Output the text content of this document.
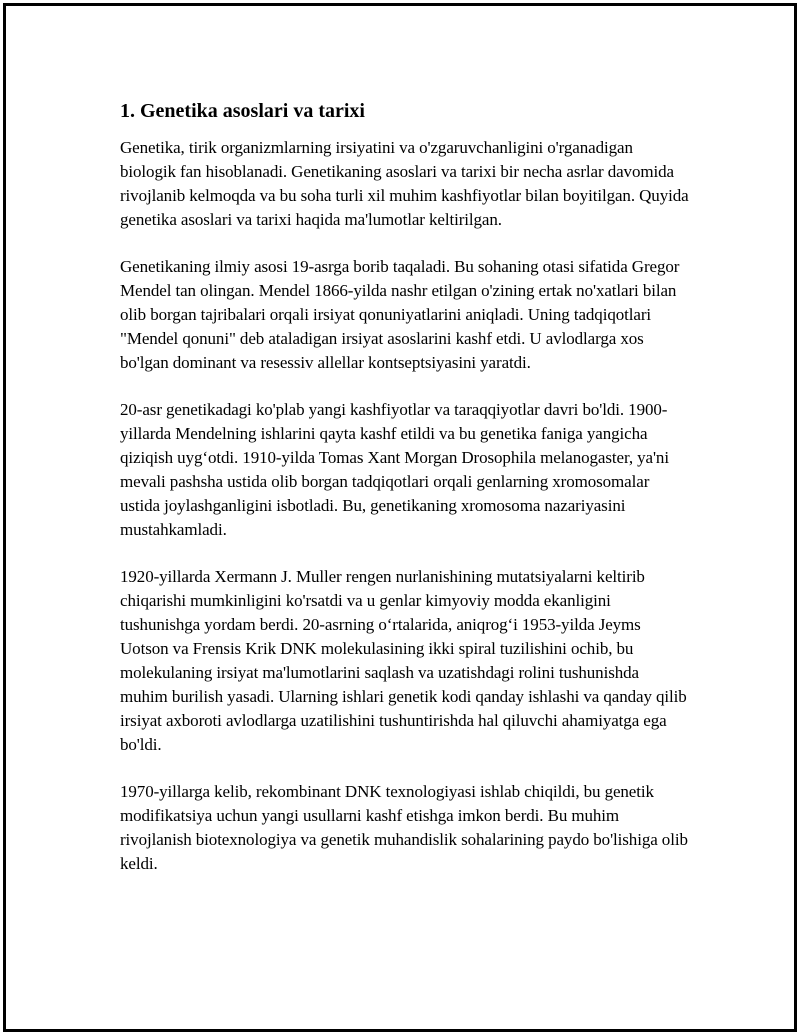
1. Genetika asoslari va tarixi

Genetika, tirik organizmlarning irsiyatini va o'zgaruvchanligini o'rganadigan biologik fan hisoblanadi. Genetikaning asoslari va tarixi bir necha asrlar davomida rivojlanib kelmoqda va bu soha turli xil muhim kashfiyotlar bilan boyitilgan. Quyida genetika asoslari va tarixi haqida ma'lumotlar keltirilgan.

Genetikaning ilmiy asosi 19-asrga borib taqaladi. Bu sohaning otasi sifatida Gregor Mendel tan olingan. Mendel 1866-yilda nashr etilgan o'zining ertak no'xatlari bilan olib borgan tajribalari orqali irsiyat qonuniyatlarini aniqladi. Uning tadqiqotlari "Mendel qonuni" deb ataladigan irsiyat asoslarini kashf etdi. U avlodlarga xos bo'lgan dominant va resessiv allellar kontseptsiyasini yaratdi.

20-asr genetikadagi ko'plab yangi kashfiyotlar va taraqqiyotlar davri bo'ldi. 1900-yillarda Mendelning ishlarini qayta kashf etildi va bu genetika faniga yangicha qiziqish uyg‘otdi. 1910-yilda Tomas Xant Morgan Drosophila melanogaster, ya'ni mevali pashsha ustida olib borgan tadqiqotlari orqali genlarning xromosomalar ustida joylashganligini isbotladi. Bu, genetikaning xromosoma nazariyasini mustahkamladi.

1920-yillarda Xermann J. Muller rengen nurlanishining mutatsiyalarni keltirib chiqarishi mumkinligini ko'rsatdi va u genlar kimyoviy modda ekanligini tushunishga yordam berdi. 20-asrning o‘rtalarida, aniqrog‘i 1953-yilda Jeyms Uotson va Frensis Krik DNK molekulasining ikki spiral tuzilishini ochib, bu molekulaning irsiyat ma'lumotlarini saqlash va uzatishdagi rolini tushunishda muhim burilish yasadi. Ularning ishlari genetik kodi qanday ishlashi va qanday qilib irsiyat axboroti avlodlarga uzatilishini tushuntirishda hal qiluvchi ahamiyatga ega bo'ldi.

1970-yillarga kelib, rekombinant DNK texnologiyasi ishlab chiqildi, bu genetik modifikatsiya uchun yangi usullarni kashf etishga imkon berdi. Bu muhim rivojlanish biotexnologiya va genetik muhandislik sohalarining paydo bo'lishiga olib keldi.
